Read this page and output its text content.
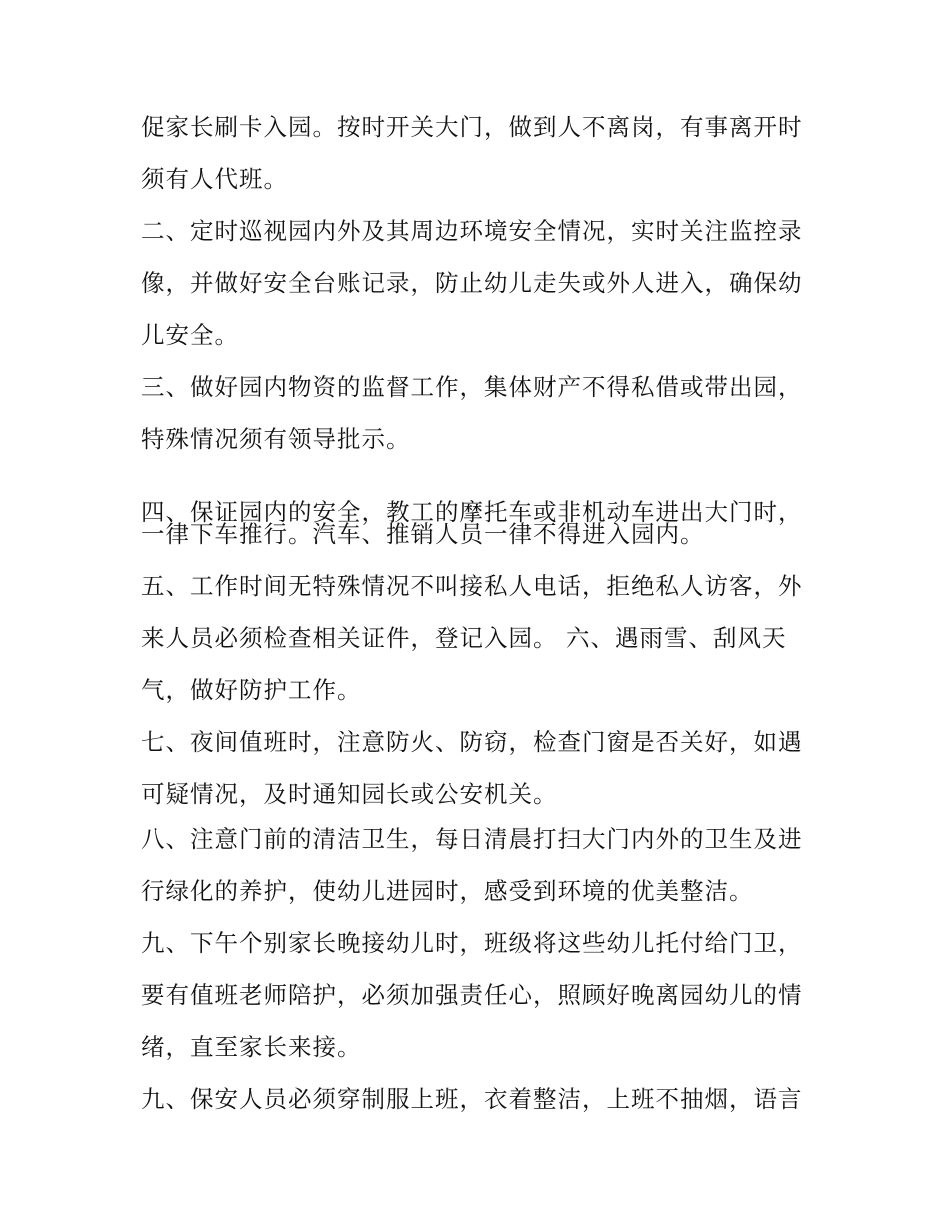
促家长刷卡入园。按时开关大门，做到人不离岗，有事离开时
须有人代班。
二、定时巡视园内外及其周边环境安全情况，实时关注监控录
像，并做好安全台账记录，防止幼儿走失或外人进入，确保幼
儿安全。
三、做好园内物资的监督工作，集体财产不得私借或带出园，
特殊情况须有领导批示。
四、保证园内的安全，教工的摩托车或非机动车进出大门时，
一律下车推行。汽车、推销人员一律不得进入园内。
五、工作时间无特殊情况不叫接私人电话，拒绝私人访客，外
来人员必须检查相关证件，登记入园。 六、遇雨雪、刮风天
气，做好防护工作。
七、夜间值班时，注意防火、防窃，检查门窗是否关好，如遇
可疑情况，及时通知园长或公安机关。
八、注意门前的清洁卫生，每日清晨打扫大门内外的卫生及进
行绿化的养护，使幼儿进园时，感受到环境的优美整洁。
九、下午个别家长晚接幼儿时，班级将这些幼儿托付给门卫，
要有值班老师陪护，必须加强责任心，照顾好晚离园幼儿的情
绪，直至家长来接。
九、保安人员必须穿制服上班，衣着整洁，上班不抽烟，语言
